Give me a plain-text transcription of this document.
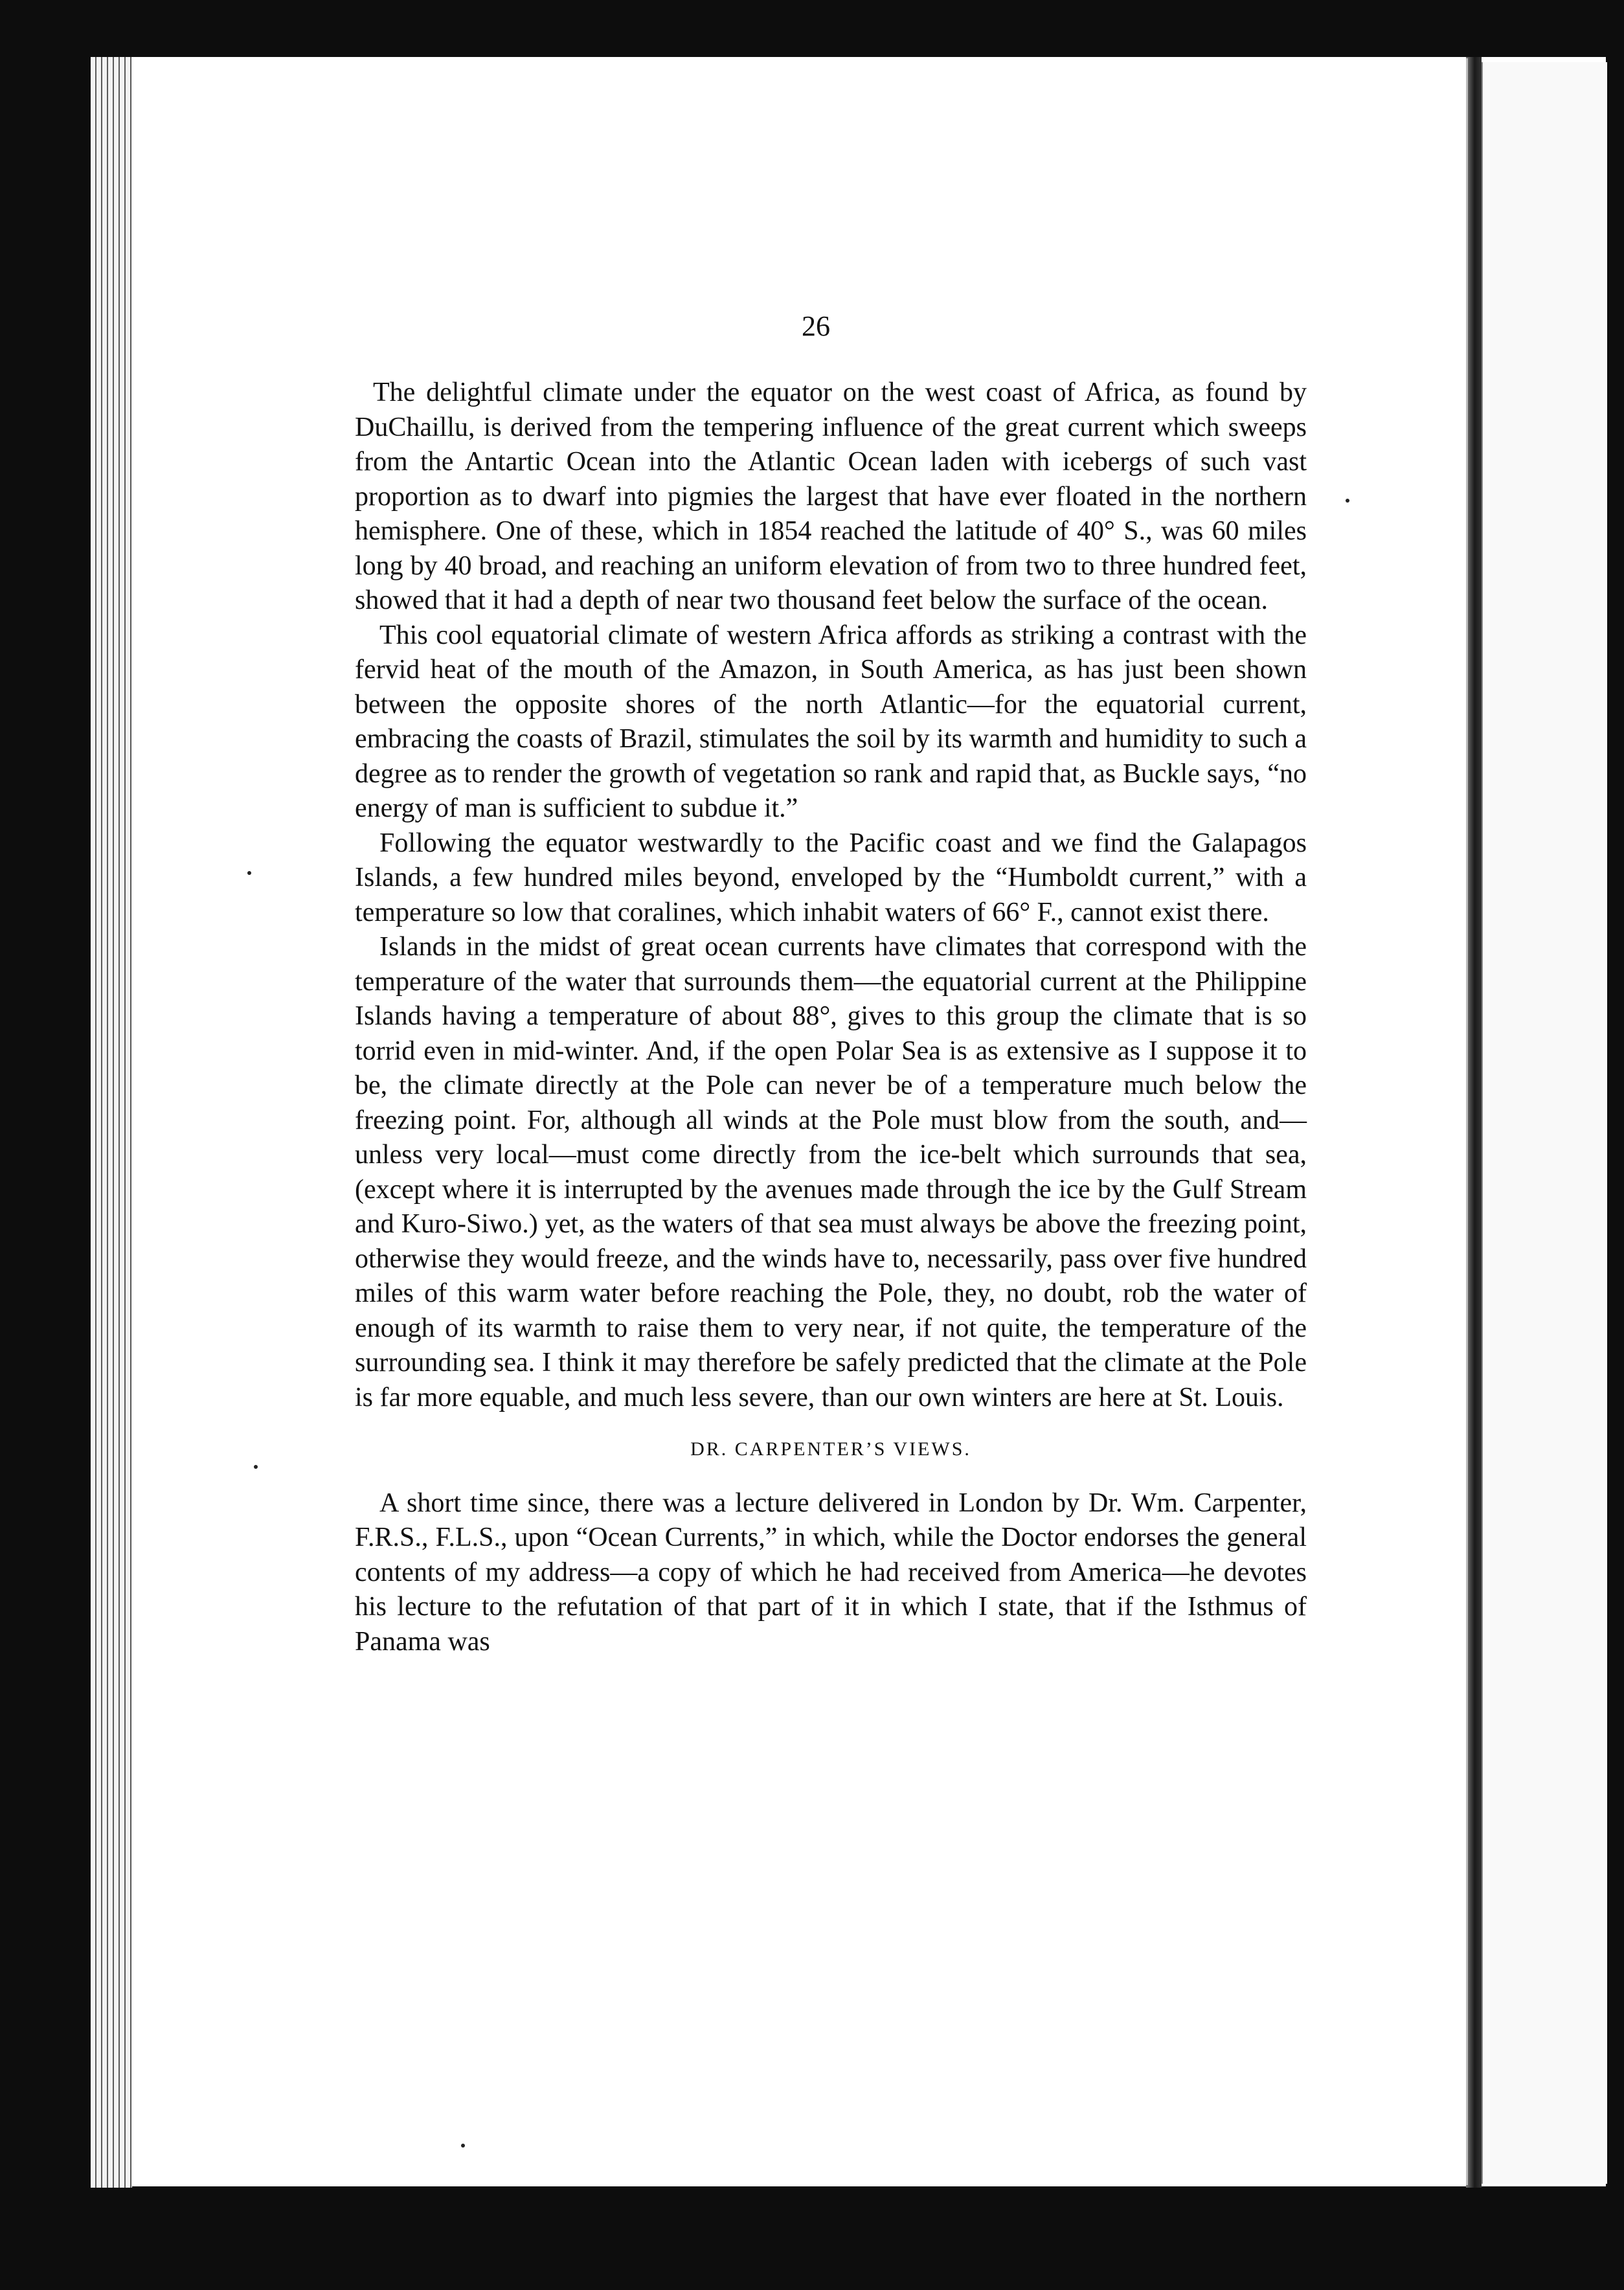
26

The delightful climate under the equator on the west coast of Africa, as found by DuChaillu, is derived from the tempering influence of the great current which sweeps from the Antartic Ocean into the Atlantic Ocean laden with icebergs of such vast proportion as to dwarf into pigmies the largest that have ever floated in the northern hemisphere. One of these, which in 1854 reached the latitude of 40° S., was 60 miles long by 40 broad, and reaching an uniform elevation of from two to three hundred feet, showed that it had a depth of near two thousand feet below the surface of the ocean.

This cool equatorial climate of western Africa affords as striking a contrast with the fervid heat of the mouth of the Amazon, in South America, as has just been shown between the opposite shores of the north Atlantic—for the equatorial current, embracing the coasts of Brazil, stimulates the soil by its warmth and humidity to such a degree as to render the growth of vegetation so rank and rapid that, as Buckle says, “no energy of man is sufficient to subdue it.”

Following the equator westwardly to the Pacific coast and we find the Galapagos Islands, a few hundred miles beyond, enveloped by the “Humboldt current,” with a temperature so low that coralines, which inhabit waters of 66° F., cannot exist there.

Islands in the midst of great ocean currents have climates that correspond with the temperature of the water that surrounds them—the equatorial current at the Philippine Islands having a temperature of about 88°, gives to this group the climate that is so torrid even in mid-winter. And, if the open Polar Sea is as extensive as I suppose it to be, the climate directly at the Pole can never be of a temperature much below the freezing point. For, although all winds at the Pole must blow from the south, and—unless very local—must come directly from the ice-belt which surrounds that sea, (except where it is interrupted by the avenues made through the ice by the Gulf Stream and Kuro-Siwo.) yet, as the waters of that sea must always be above the freezing point, otherwise they would freeze, and the winds have to, necessarily, pass over five hundred miles of this warm water before reaching the Pole, they, no doubt, rob the water of enough of its warmth to raise them to very near, if not quite, the temperature of the surrounding sea. I think it may therefore be safely predicted that the climate at the Pole is far more equable, and much less severe, than our own winters are here at St. Louis.

DR. CARPENTER’S VIEWS.

A short time since, there was a lecture delivered in London by Dr. Wm. Carpenter, F.R.S., F.L.S., upon “Ocean Currents,” in which, while the Doctor endorses the general contents of my address—a copy of which he had received from America—he devotes his lecture to the refutation of that part of it in which I state, that if the Isthmus of Panama was
